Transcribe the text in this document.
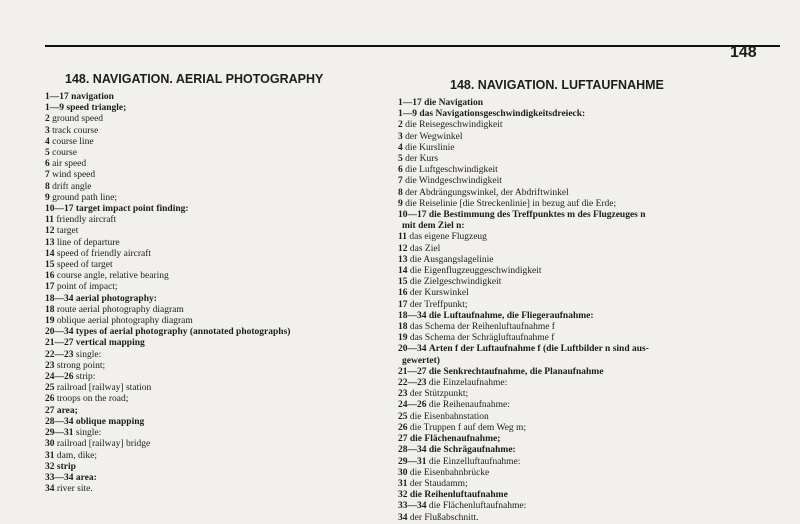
148
148. NAVIGATION. AERIAL PHOTOGRAPHY
1—17 navigation
1—9 speed triangle;
2 ground speed
3 track course
4 course line
5 course
6 air speed
7 wind speed
8 drift angle
9 ground path line;
10—17 target impact point finding:
11 friendly aircraft
12 target
13 line of departure
14 speed of friendly aircraft
15 speed of target
16 course angle, relative bearing
17 point of impact;
18—34 aerial photography:
18 route aerial photography diagram
19 oblique aerial photography diagram
20—34 types of aerial photography (annotated photographs)
21—27 vertical mapping
22—23 single:
23 strong point;
24—26 strip:
25 railroad [railway] station
26 troops on the road;
27 area;
28—34 oblique mapping
29—31 single:
30 railroad [railway] bridge
31 dam, dike;
32 strip
33—34 area:
34 river site.
148. NAVIGATION. LUFTAUFNAHME
1—17 die Navigation
1—9 das Navigationsgeschwindigkeitsdreieck:
2 die Reisegeschwindigkeit
3 der Wegwinkel
4 die Kurslinie
5 der Kurs
6 die Luftgeschwindigkeit
7 die Windgeschwindigkeit
8 der Abdrängungswinkel, der Abdriftwinkel
9 die Reiselinie [die Streckenlinie] in bezug auf die Erde;
10—17 die Bestimmung des Treffpunktes m des Flugzeuges n
mit dem Ziel n:
11 das eigene Flugzeug
12 das Ziel
13 die Ausgangslagelinie
14 die Eigenflugzeuggeschwindigkeit
15 die Zielgeschwindigkeit
16 der Kurswinkel
17 der Treffpunkt;
18—34 die Luftaufnahme, die Fliegeraufnahme:
18 das Schema der Reihenluftaufnahme f
19 das Schema der Schrägluftaufnahme f
20—34 Arten f der Luftaufnahme f (die Luftbilder n sind aus-
gewertet)
21—27 die Senkrechtaufnahme, die Planaufnahme
22—23 die Einzelaufnahme:
23 der Stützpunkt;
24—26 die Reihenaufnahme:
25 die Eisenbahnstation
26 die Truppen f auf dem Weg m;
27 die Flächenaufnahme;
28—34 die Schrägaufnahme:
29—31 die Einzelluftaufnahme:
30 die Eisenbahnbrücke
31 der Staudamm;
32 die Reihenluftaufnahme
33—34 die Flächenluftaufnahme:
34 der Flußabschnitt.
